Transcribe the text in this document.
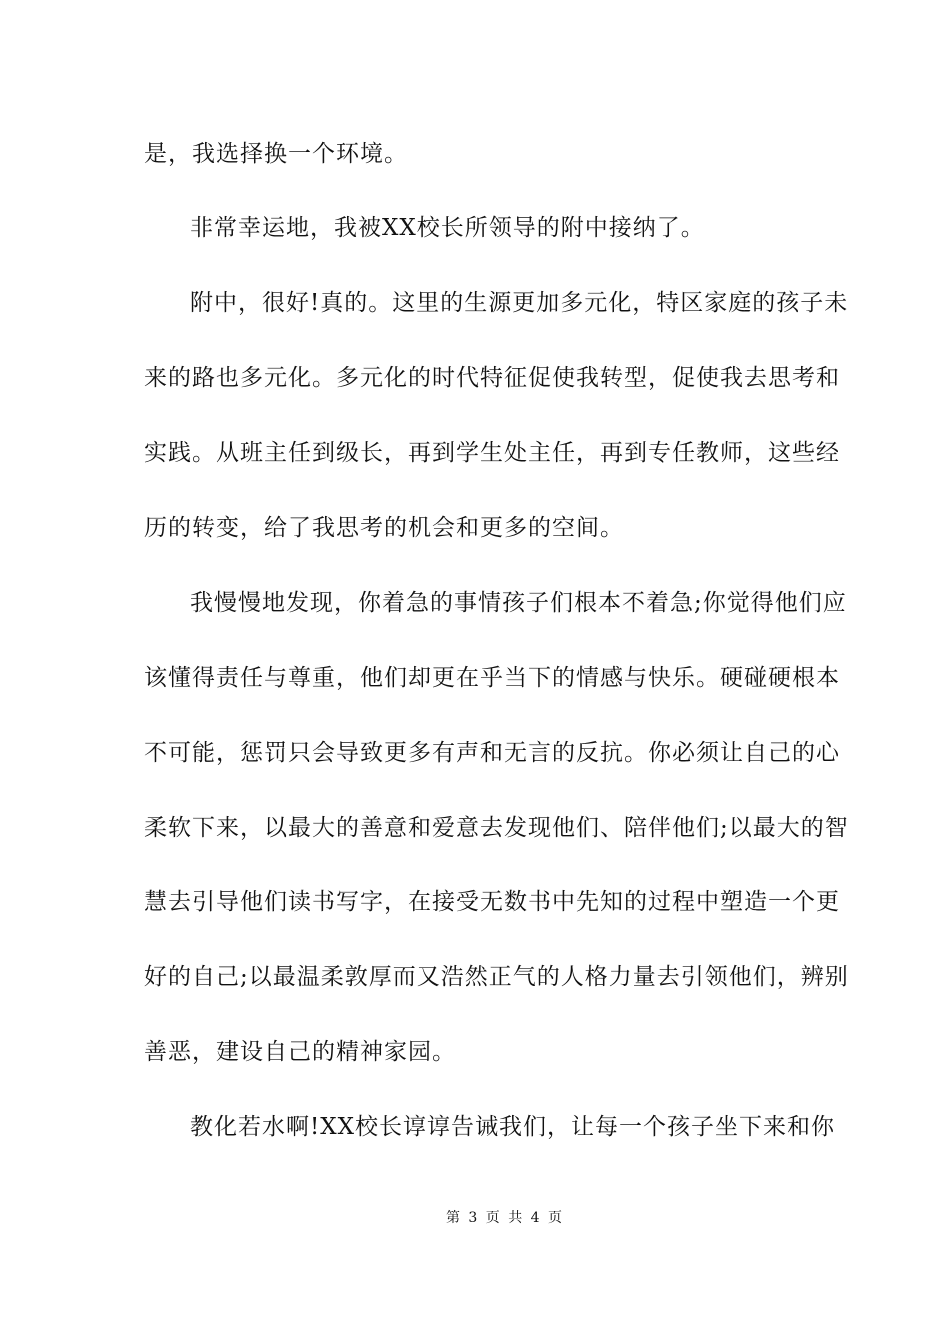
是，我选择换一个环境。
非常幸运地，我被XX校长所领导的附中接纳了。
附中，很好!真的。这里的生源更加多元化，特区家庭的孩子未
来的路也多元化。多元化的时代特征促使我转型，促使我去思考和
实践。从班主任到级长，再到学生处主任，再到专任教师，这些经
历的转变，给了我思考的机会和更多的空间。
我慢慢地发现，你着急的事情孩子们根本不着急;你觉得他们应
该懂得责任与尊重，他们却更在乎当下的情感与快乐。硬碰硬根本
不可能，惩罚只会导致更多有声和无言的反抗。你必须让自己的心
柔软下来，以最大的善意和爱意去发现他们、陪伴他们;以最大的智
慧去引导他们读书写字，在接受无数书中先知的过程中塑造一个更
好的自己;以最温柔敦厚而又浩然正气的人格力量去引领他们，辨别
善恶，建设自己的精神家园。
教化若水啊!XX校长谆谆告诫我们，让每一个孩子坐下来和你
第 3 页 共 4 页
